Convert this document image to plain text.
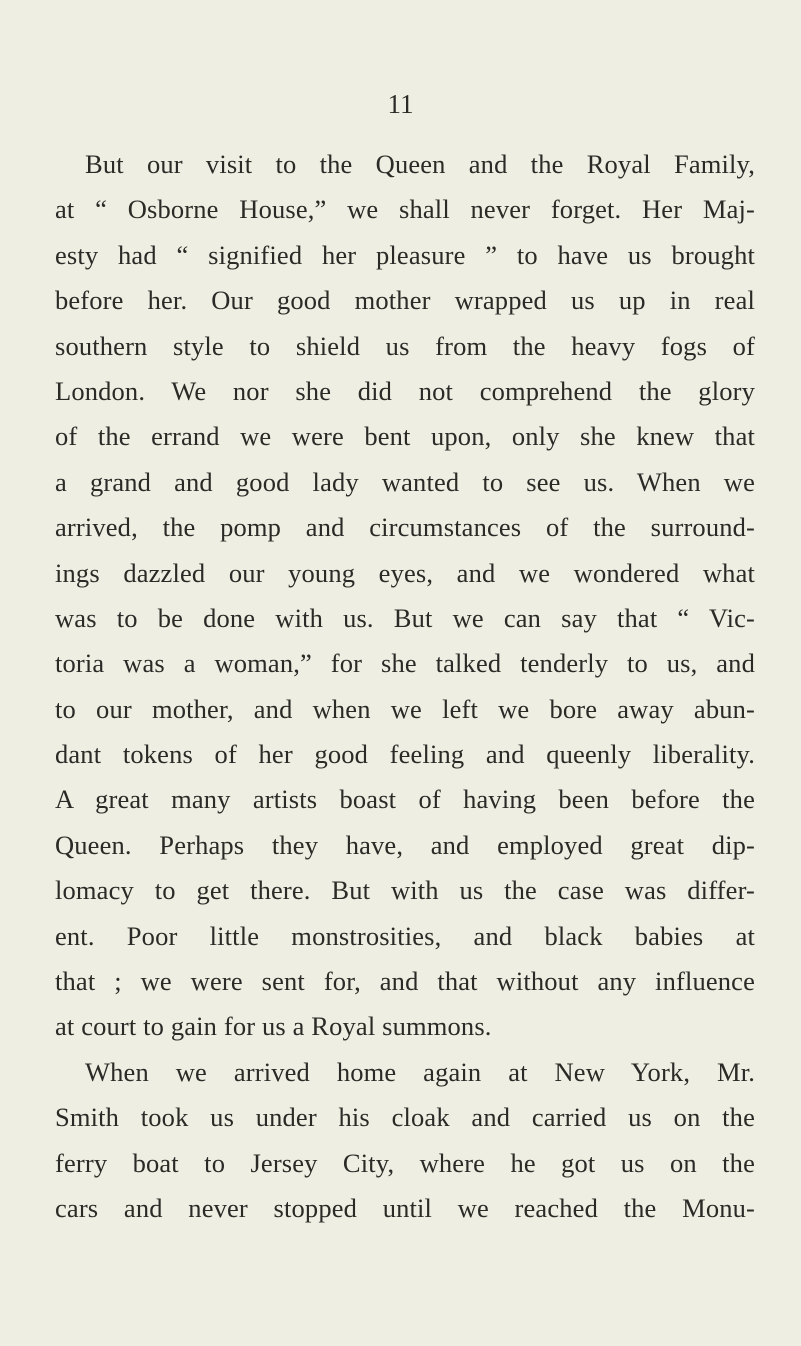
11
But our visit to the Queen and the Royal Family,
at “ Osborne House,” we shall never forget. Her Maj-
esty had “ signified her pleasure ” to have us brought
before her. Our good mother wrapped us up in real
southern style to shield us from the heavy fogs of
London. We nor she did not comprehend the glory
of the errand we were bent upon, only she knew that
a grand and good lady wanted to see us. When we
arrived, the pomp and circumstances of the surround-
ings dazzled our young eyes, and we wondered what
was to be done with us. But we can say that “ Vic-
toria was a woman,” for she talked tenderly to us, and
to our mother, and when we left we bore away abun-
dant tokens of her good feeling and queenly liberality.
A great many artists boast of having been before the
Queen. Perhaps they have, and employed great dip-
lomacy to get there. But with us the case was differ-
ent. Poor little monstrosities, and black babies at
that ; we were sent for, and that without any influence
at court to gain for us a Royal summons.
When we arrived home again at New York, Mr.
Smith took us under his cloak and carried us on the
ferry boat to Jersey City, where he got us on the
cars and never stopped until we reached the Monu-
